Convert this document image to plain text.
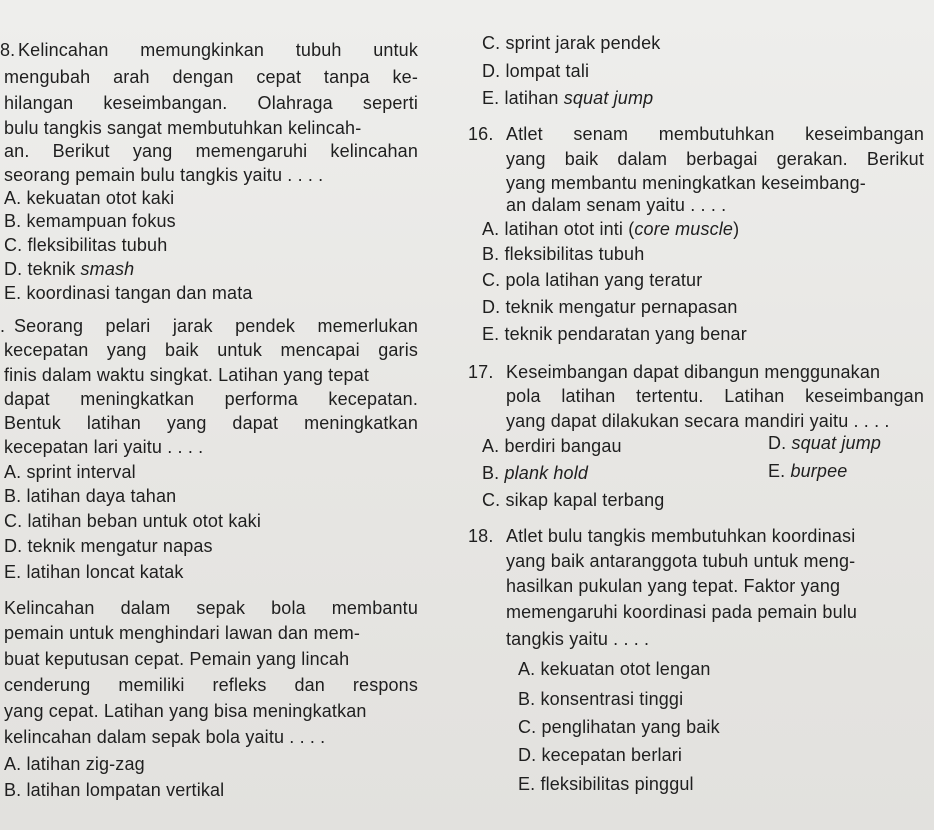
8. Kelincahan memungkinkan tubuh untuk
mengubah arah dengan cepat tanpa ke-
hilangan keseimbangan. Olahraga seperti
bulu tangkis sangat membutuhkan kelincah-
an. Berikut yang memengaruhi kelincahan
seorang pemain bulu tangkis yaitu . . . .
A. kekuatan otot kaki
B. kemampuan fokus
C. fleksibilitas tubuh
D. teknik smash
E. koordinasi tangan dan mata
. Seorang pelari jarak pendek memerlukan
kecepatan yang baik untuk mencapai garis
finis dalam waktu singkat. Latihan yang tepat
dapat meningkatkan performa kecepatan.
Bentuk latihan yang dapat meningkatkan
kecepatan lari yaitu . . . .
A. sprint interval
B. latihan daya tahan
C. latihan beban untuk otot kaki
D. teknik mengatur napas
E. latihan loncat katak
Kelincahan dalam sepak bola membantu
pemain untuk menghindari lawan dan mem-
buat keputusan cepat. Pemain yang lincah
cenderung memiliki refleks dan respons
yang cepat. Latihan yang bisa meningkatkan
kelincahan dalam sepak bola yaitu . . . .
A. latihan zig-zag
B. latihan lompatan vertikal
C. sprint jarak pendek
D. lompat tali
E. latihan squat jump
16. Atlet senam membutuhkan keseimbangan
yang baik dalam berbagai gerakan. Berikut
yang membantu meningkatkan keseimbang-
an dalam senam yaitu . . . .
A. latihan otot inti (core muscle)
B. fleksibilitas tubuh
C. pola latihan yang teratur
D. teknik mengatur pernapasan
E. teknik pendaratan yang benar
17. Keseimbangan dapat dibangun menggunakan
pola latihan tertentu. Latihan keseimbangan
yang dapat dilakukan secara mandiri yaitu . . . .
A. berdiri bangau
B. plank hold
C. sikap kapal terbang
D. squat jump
E. burpee
18. Atlet bulu tangkis membutuhkan koordinasi
yang baik antaranggota tubuh untuk meng-
hasilkan pukulan yang tepat. Faktor yang
memengaruhi koordinasi pada pemain bulu
tangkis yaitu . . . .
A. kekuatan otot lengan
B. konsentrasi tinggi
C. penglihatan yang baik
D. kecepatan berlari
E. fleksibilitas pinggul
